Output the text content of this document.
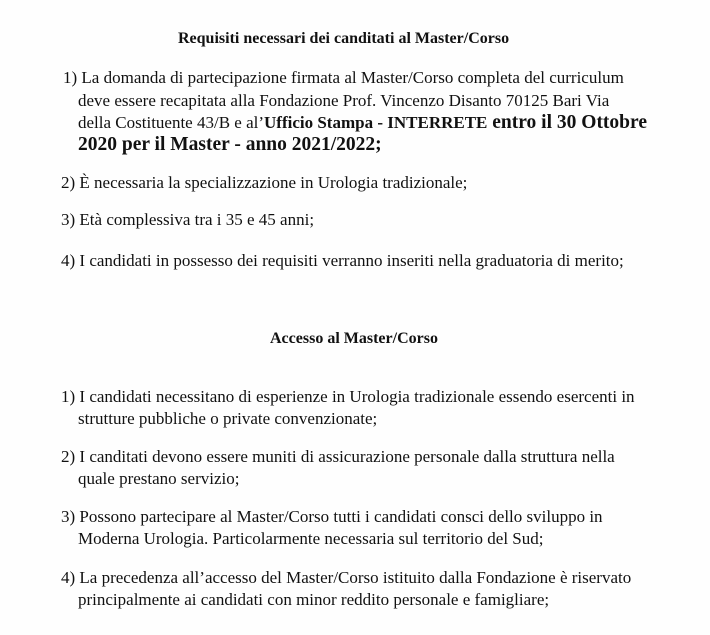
Requisiti necessari dei canditati al Master/Corso
1) La domanda di partecipazione firmata al Master/Corso completa del curriculum
deve essere recapitata alla Fondazione Prof. Vincenzo Disanto 70125 Bari Via
della Costituente 43/B e al’Ufficio Stampa - INTERRETE entro il 30 Ottobre
2020 per il Master - anno 2021/2022;
2) È necessaria la specializzazione in Urologia tradizionale;
3) Età complessiva tra i 35 e 45 anni;
4) I candidati in possesso dei requisiti verranno inseriti nella graduatoria di merito;
Accesso al Master/Corso
1) I candidati necessitano di esperienze in Urologia tradizionale essendo esercenti in
strutture pubbliche o private convenzionate;
2) I canditati devono essere muniti di assicurazione personale dalla struttura nella
quale prestano servizio;
3) Possono partecipare al Master/Corso tutti i candidati consci dello sviluppo in
Moderna Urologia. Particolarmente necessaria sul territorio del Sud;
4) La precedenza all’accesso del Master/Corso istituito dalla Fondazione è riservato
principalmente ai candidati con minor reddito personale e famigliare;
